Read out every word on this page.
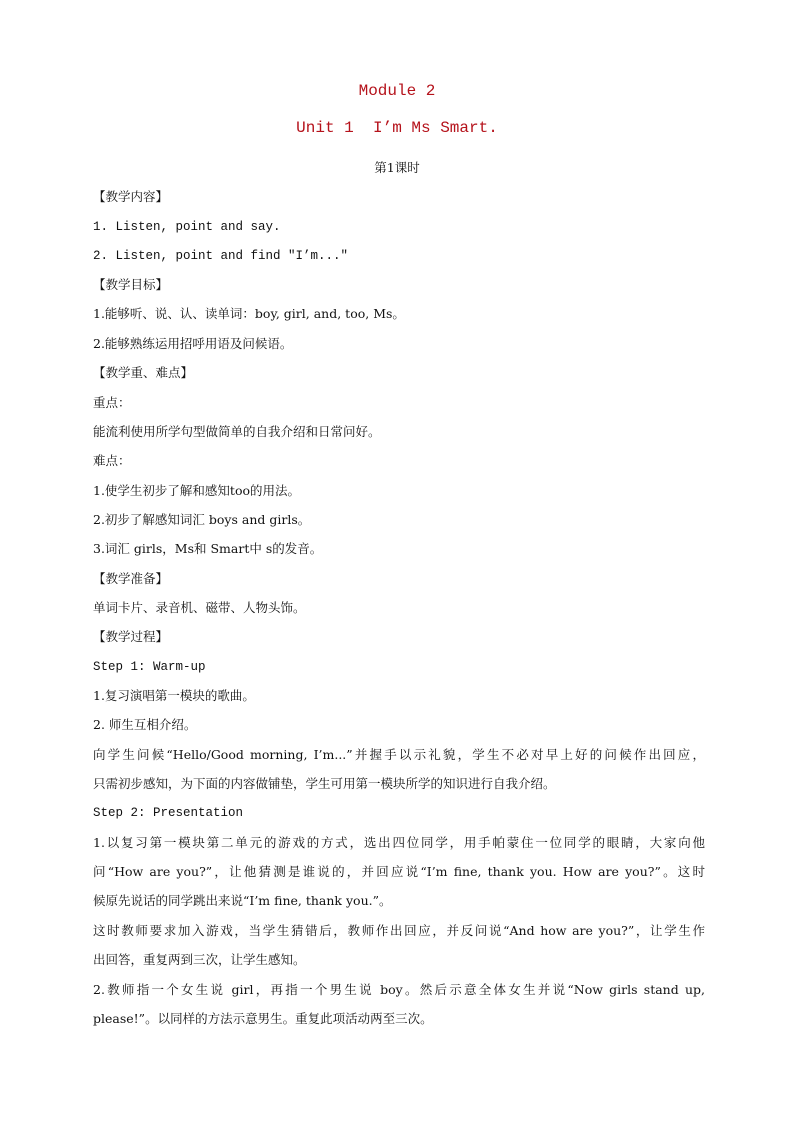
Module 2
Unit 1  I’m Ms Smart.
第1课时
【教学内容】
1. Listen, point and say.
2. Listen, point and find "I’m..."
【教学目标】
1.能够听、说、认、读单词：boy, girl, and, too, Ms。
2.能够熟练运用招呼用语及问候语。
【教学重、难点】
重点：
能流利使用所学句型做简单的自我介绍和日常问好。
难点：
1.使学生初步了解和感知too的用法。
2.初步了解感知词汇 boys and girls。
3.词汇 girls，Ms和 Smart中 s的发音。
【教学准备】
单词卡片、录音机、磁带、人物头饰。
【教学过程】
Step 1: Warm-up
1.复习演唱第一模块的歌曲。
2. 师生互相介绍。
向学生问候“Hello/Good morning, I’m...”并握手以示礼貌，学生不必对早上好的问候作出回应，
只需初步感知，为下面的内容做铺垫，学生可用第一模块所学的知识进行自我介绍。
Step 2: Presentation
1.以复习第一模块第二单元的游戏的方式，选出四位同学，用手帕蒙住一位同学的眼睛，大家向他
问“How are you?”，让他猜测是谁说的，并回应说“I’m fine, thank you. How are you?”。这时
候原先说话的同学跳出来说“I’m fine, thank you.”。
这时教师要求加入游戏，当学生猜错后，教师作出回应，并反问说“And how are you?”，让学生作
出回答，重复两到三次，让学生感知。
2.教师指一个女生说 girl，再指一个男生说 boy。然后示意全体女生并说“Now girls stand up,
please!”。以同样的方法示意男生。重复此项活动两至三次。
